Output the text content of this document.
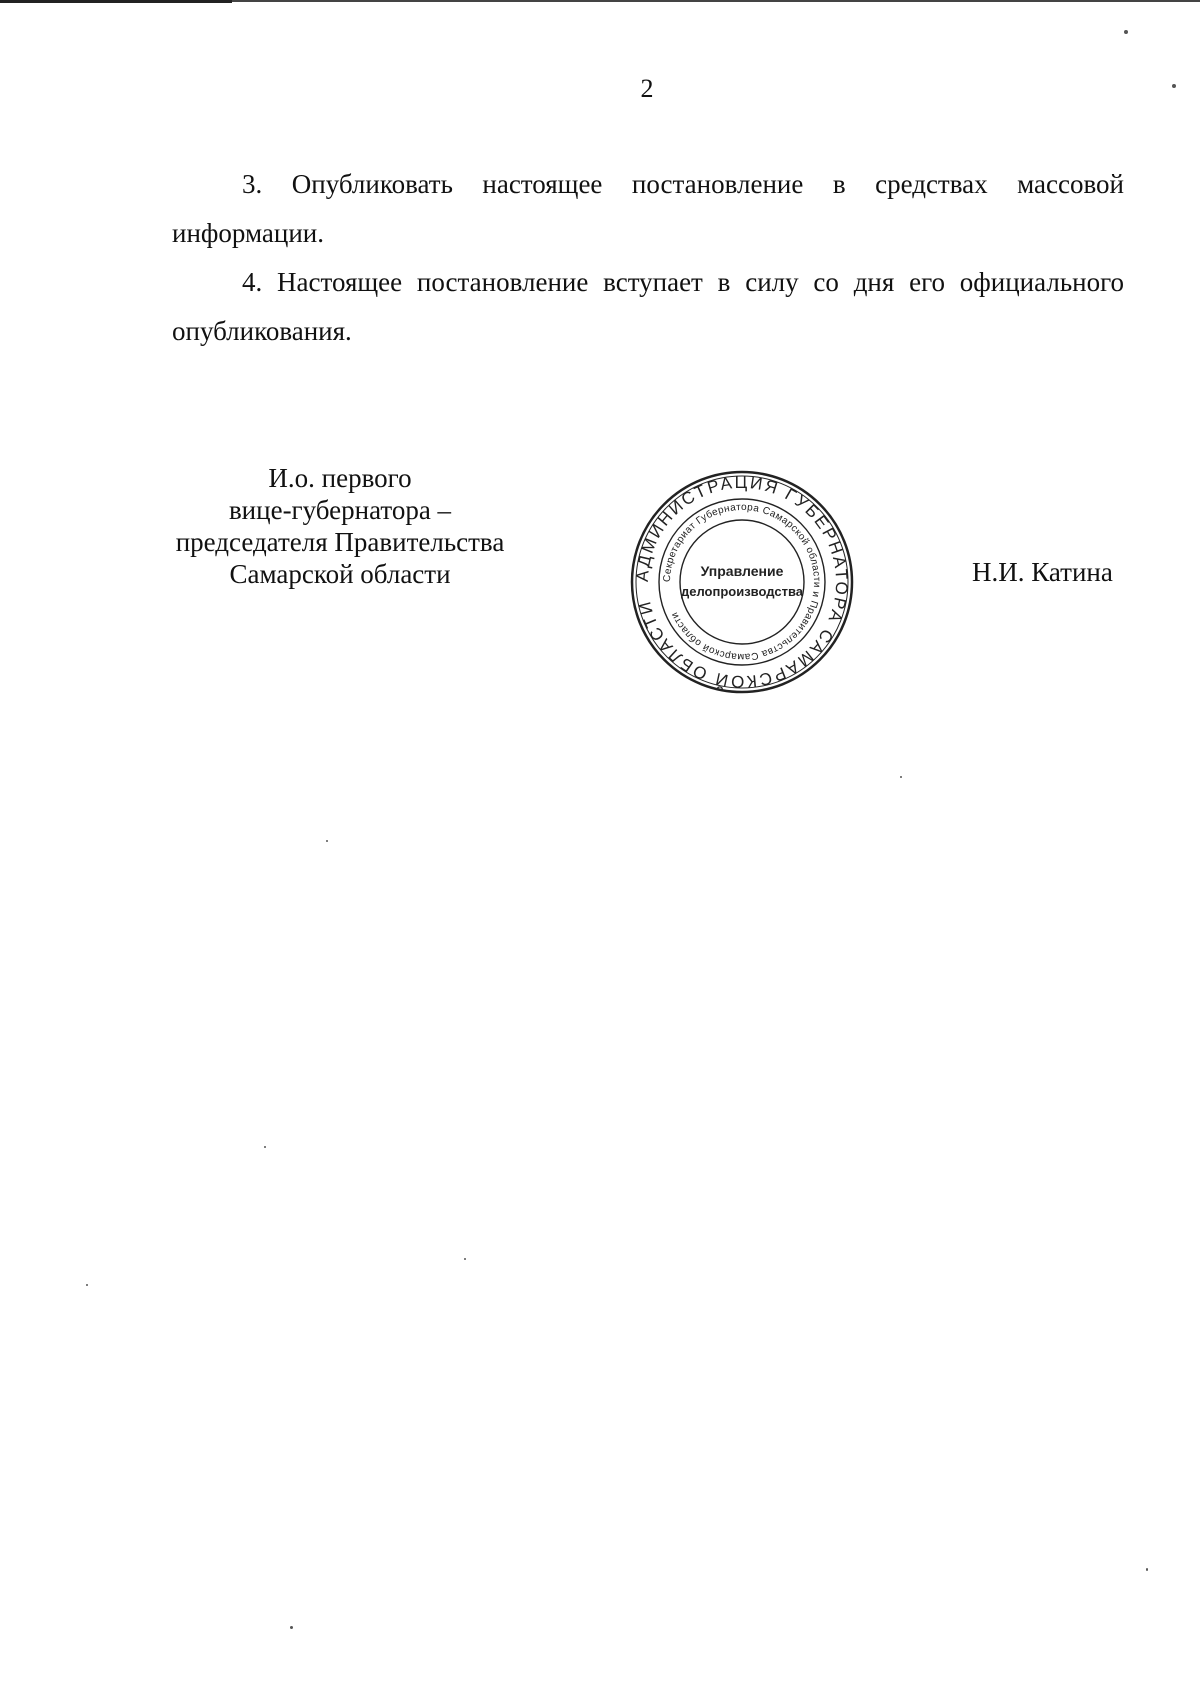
2

3. Опубликовать настоящее постановление в средствах массовой информации.

4. Настоящее постановление вступает в силу со дня его официального опубликования.

И.о. первого
вице-губернатора –
председателя Правительства
Самарской области	АДМИНИСТРАЦИЯ ГУБЕРНАТОРА САМАРСКОЙ ОБЛАСТИ
Секретариат Губернатора Самарской области и Правительства Самарской области
Управление
делопроизводства
Н.И. Катина
